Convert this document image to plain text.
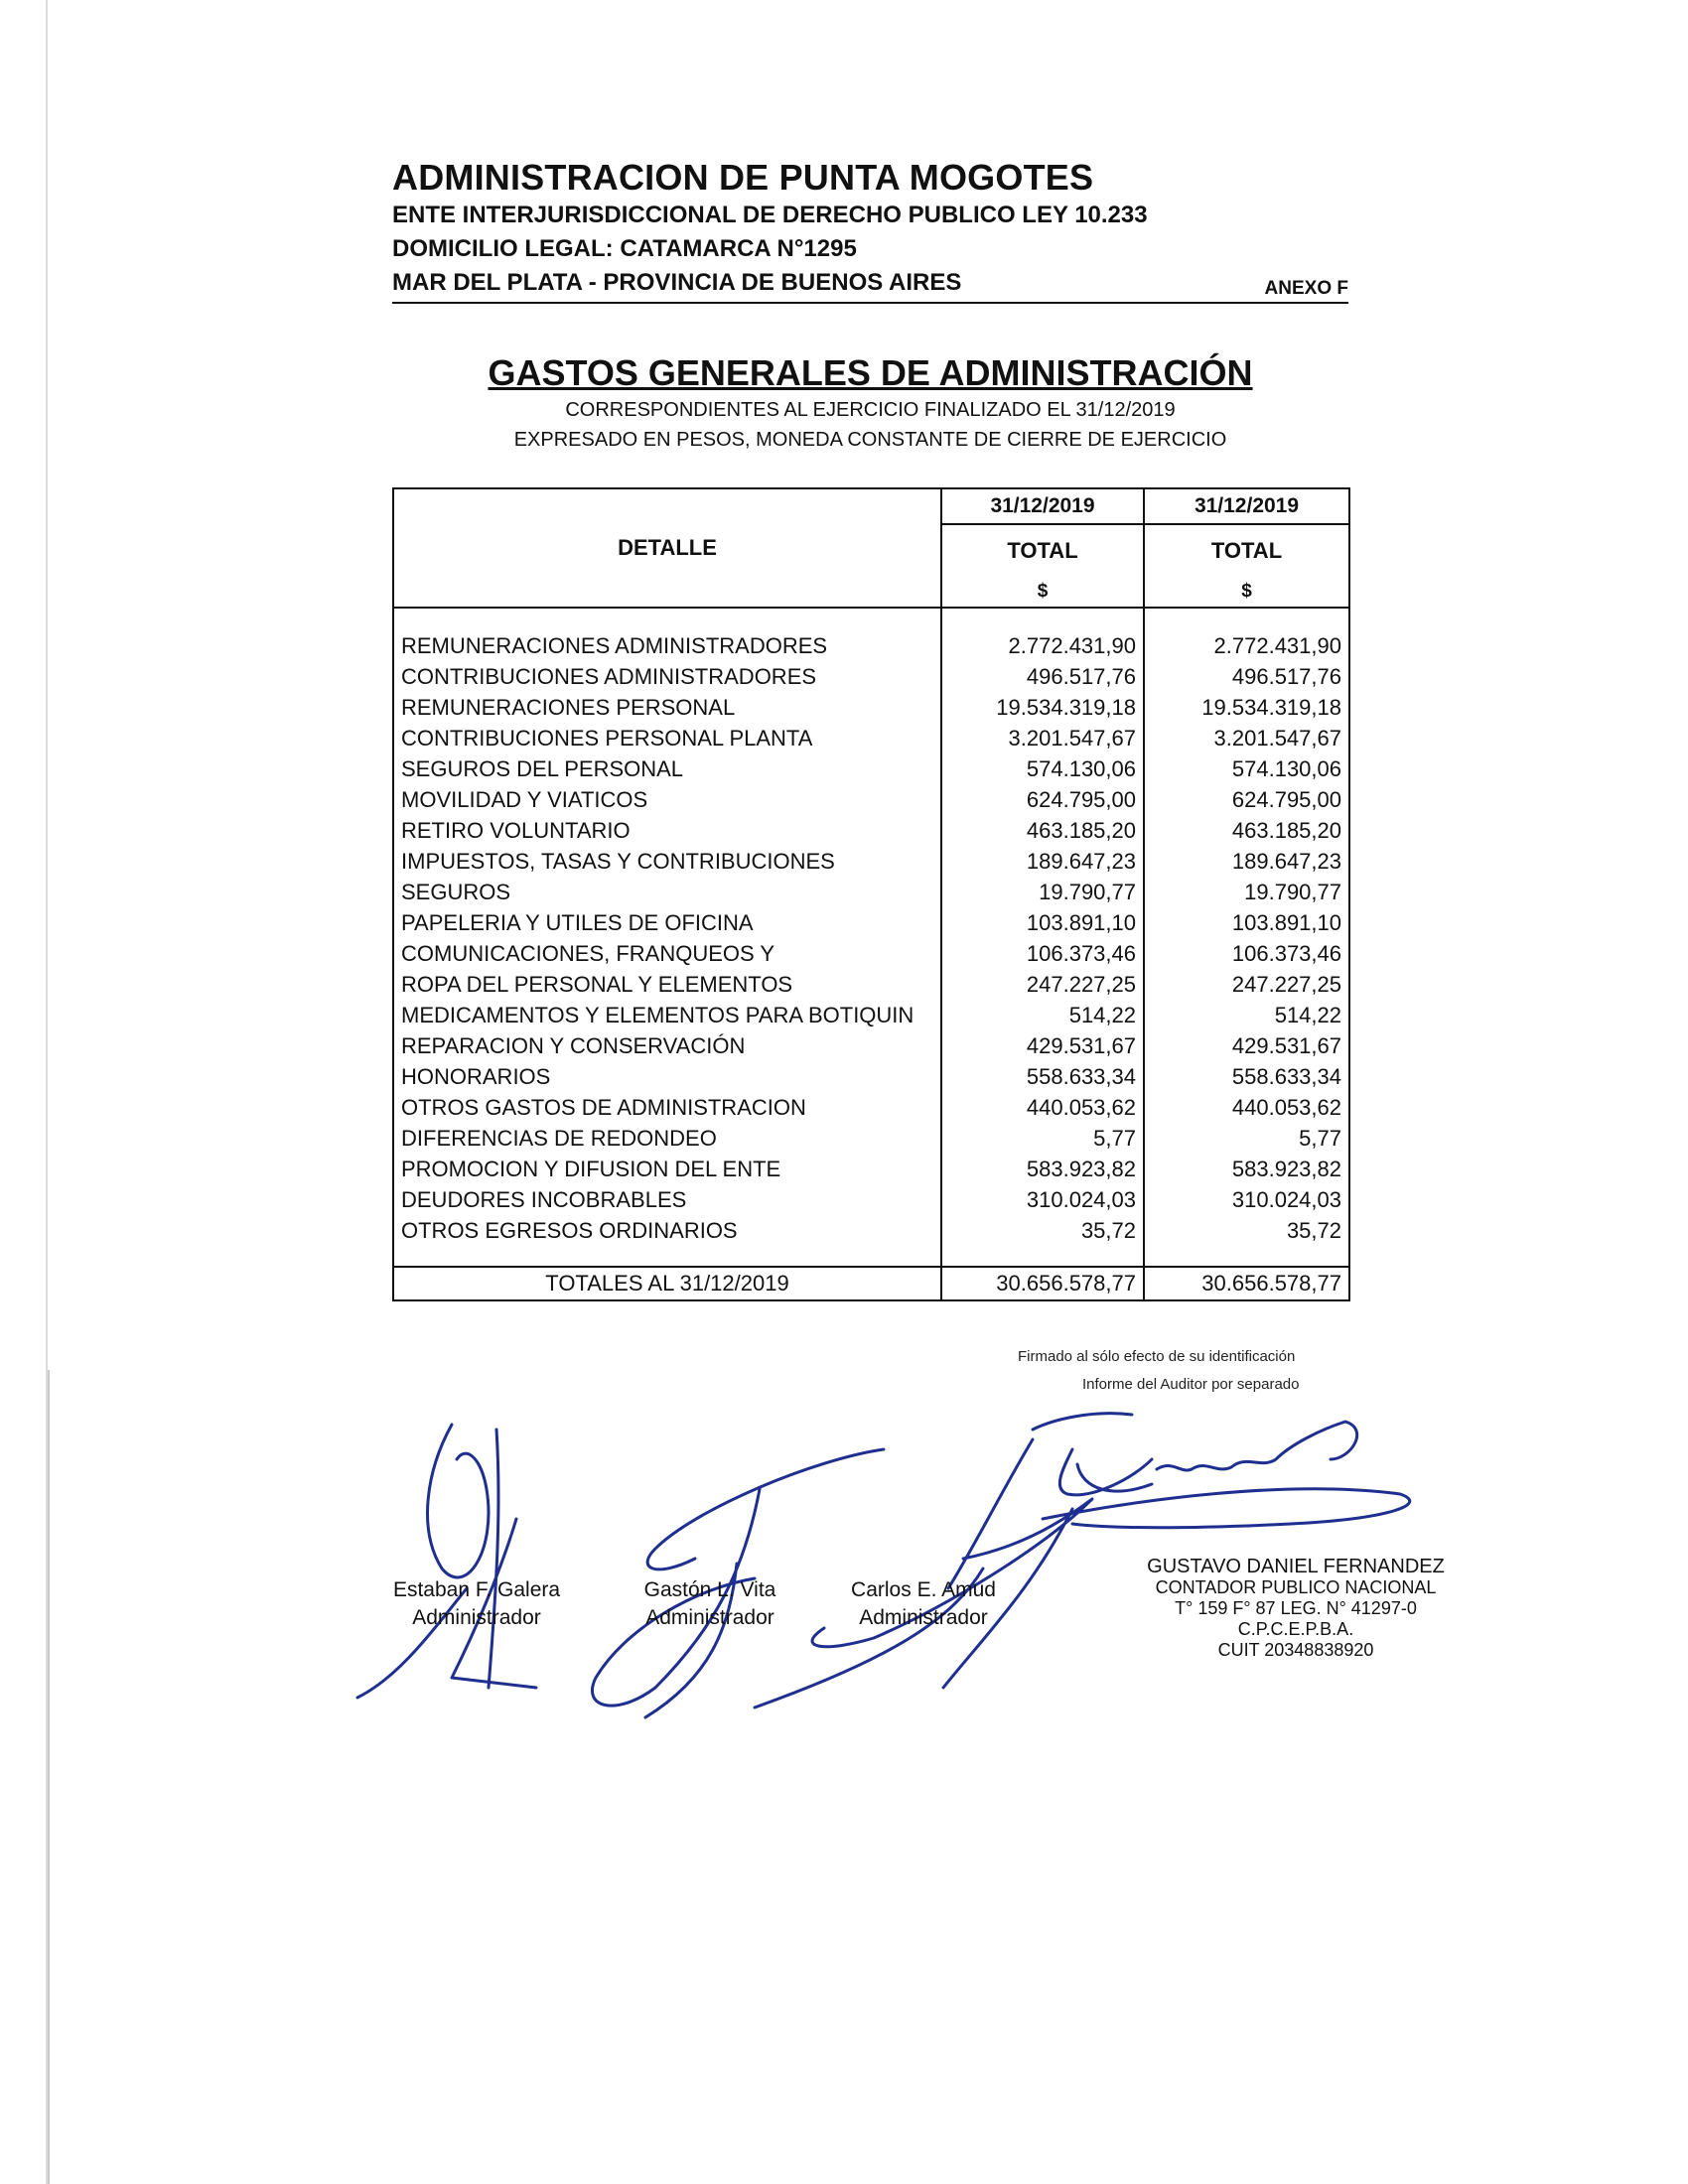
ADMINISTRACION DE PUNTA MOGOTES
ENTE INTERJURISDICCIONAL DE DERECHO PUBLICO LEY 10.233
DOMICILIO LEGAL: CATAMARCA N°1295
MAR DEL PLATA - PROVINCIA DE BUENOS AIRES	ANEXO F
GASTOS GENERALES DE ADMINISTRACIÓN
CORRESPONDIENTES AL EJERCICIO FINALIZADO EL 31/12/2019
EXPRESADO EN PESOS, MONEDA CONSTANTE DE CIERRE DE EJERCICIO
DETALLE	31/12/2019	31/12/2019
	TOTAL	TOTAL
	$	$

REMUNERACIONES ADMINISTRADORES	2.772.431,90	2.772.431,90
CONTRIBUCIONES ADMINISTRADORES	496.517,76	496.517,76
REMUNERACIONES PERSONAL	19.534.319,18	19.534.319,18
CONTRIBUCIONES PERSONAL PLANTA	3.201.547,67	3.201.547,67
SEGUROS DEL PERSONAL	574.130,06	574.130,06
MOVILIDAD Y VIATICOS	624.795,00	624.795,00
RETIRO VOLUNTARIO	463.185,20	463.185,20
IMPUESTOS, TASAS Y CONTRIBUCIONES	189.647,23	189.647,23
SEGUROS	19.790,77	19.790,77
PAPELERIA Y UTILES DE OFICINA	103.891,10	103.891,10
COMUNICACIONES, FRANQUEOS Y	106.373,46	106.373,46
ROPA DEL PERSONAL Y ELEMENTOS	247.227,25	247.227,25
MEDICAMENTOS Y ELEMENTOS PARA BOTIQUIN	514,22	514,22
REPARACION Y CONSERVACIÓN	429.531,67	429.531,67
HONORARIOS	558.633,34	558.633,34
OTROS GASTOS DE ADMINISTRACION	440.053,62	440.053,62
DIFERENCIAS DE REDONDEO	5,77	5,77
PROMOCION Y DIFUSION DEL ENTE	583.923,82	583.923,82
DEUDORES INCOBRABLES	310.024,03	310.024,03
OTROS EGRESOS ORDINARIOS	35,72	35,72

TOTALES AL 31/12/2019	30.656.578,77	30.656.578,77
Firmado al sólo efecto de su identificación
Informe del Auditor por separado
Estaban F. Galera
Administrador
Gastón L. Vita
Administrador
Carlos E. Amud
Administrador
GUSTAVO DANIEL FERNANDEZ
CONTADOR PUBLICO NACIONAL
T° 159 F° 87 LEG. N° 41297-0
C.P.C.E.P.B.A.
CUIT 20348838920
